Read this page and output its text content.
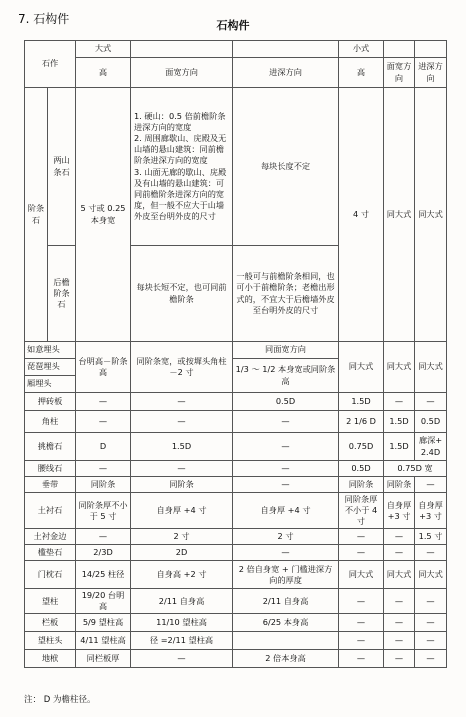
7. 石构件	石构件
石作		大式			小式		
		高	面宽方向	进深方向	高	面宽方向	进深方向
阶条石	两山条石	5 寸或 0.25 本身宽	1. 硬山：0.5 倍前檐阶条进深方向的宽度
2. 周围廊歇山、庑殿及无山墙的悬山建筑：同前檐阶条进深方向的宽度
3. 山面无廊的歇山、庑殿及有山墙的悬山建筑：可同前檐阶条进深方向的宽度，但一般不应大于山墙外皮至台明外皮的尺寸	每块长度不定	4 寸	同大式	同大式
	后檐阶条石		每块长短不定，也可同前檐阶条	一般可与前檐阶条相同，也可小于前檐阶条；老檐出形式的，不宜大于后檐墙外皮至台明外皮的尺寸			
如意埋头		台明高－阶条高	同阶条宽，或按墀头角柱－2 寸	同面宽方向	同大式	同大式	同大式
琵琶埋头				1/3 ～ 1/2 本身宽或同阶条高			
厢埋头							
押砖板		—	—	0.5D	1.5D	—	—
角柱		—	—	—	2 1/6 D	1.5D	0.5D
挑檐石		D	1.5D	—	0.75D	1.5D	廊深+2.4D
腰线石		—	—	—	0.5D	0.75D 宽	
垂带		同阶条	同阶条	—	同阶条	同阶条	—
土衬石		同阶条厚不小于 5 寸	自身厚 +4 寸	自身厚 +4 寸	同阶条厚不小于 4 寸	自身厚+3 寸	自身厚+3 寸
土衬金边		—	2 寸	2 寸	—	—	1.5 寸
槛垫石		2/3D	2D	—	—	—	—
门枕石		14/25 柱径	自身高 +2 寸	2 倍自身宽 + 门槛进深方向的厚度	同大式	同大式	同大式
望柱		19/20 台明高	2/11 自身高	2/11 自身高	—	—	—
栏板		5/9 望柱高	11/10 望柱高	6/25 本身高	—	—	—
望柱头		4/11 望柱高	径 =2/11 望柱高		—	—	—
地栿		同栏板厚	—	2 倍本身高	—	—	—
注： D 为檐柱径。
